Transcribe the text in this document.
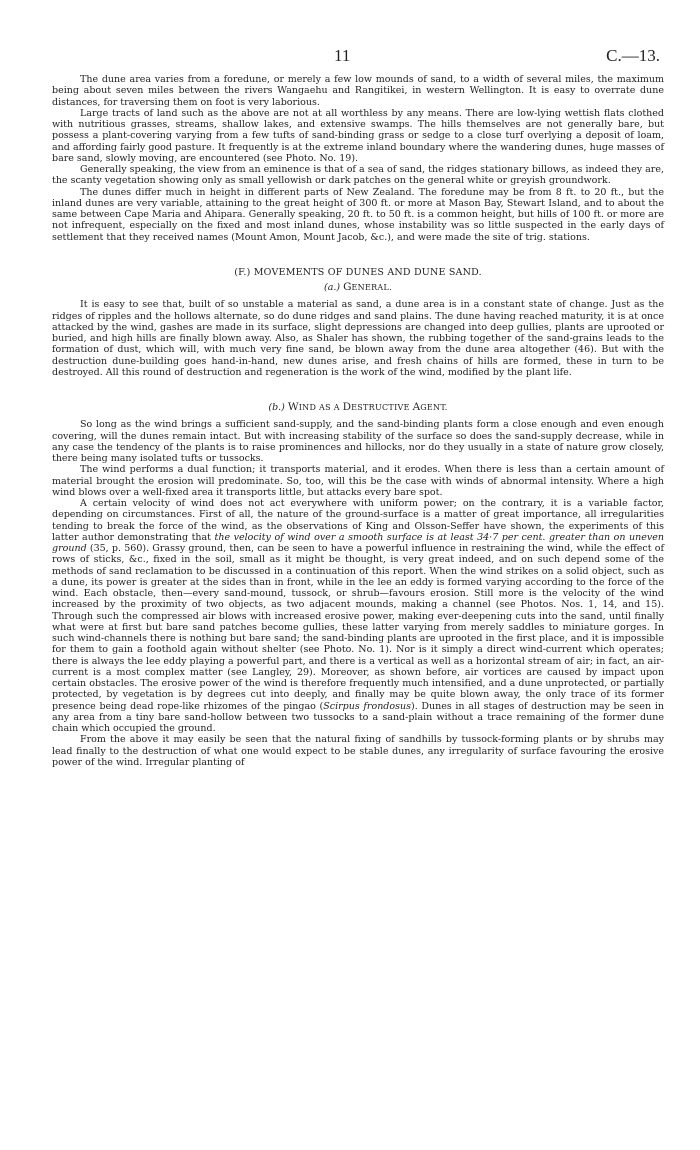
11	C.—13.

The dune area varies from a foredune, or merely a few low mounds of sand, to a width of several miles, the maximum being about seven miles between the rivers Wangaehu and Rangitikei, in western Wellington. It is easy to overrate dune distances, for traversing them on foot is very laborious.

Large tracts of land such as the above are not at all worthless by any means. There are low-lying wettish flats clothed with nutritious grasses, streams, shallow lakes, and extensive swamps. The hills themselves are not generally bare, but possess a plant-covering varying from a few tufts of sand-binding grass or sedge to a close turf overlying a deposit of loam, and affording fairly good pasture. It frequently is at the extreme inland boundary where the wandering dunes, huge masses of bare sand, slowly moving, are encountered (see Photo. No. 19).

Generally speaking, the view from an eminence is that of a sea of sand, the ridges stationary billows, as indeed they are, the scanty vegetation showing only as small yellowish or dark patches on the general white or greyish groundwork.

The dunes differ much in height in different parts of New Zealand. The foredune may be from 8 ft. to 20 ft., but the inland dunes are very variable, attaining to the great height of 300 ft. or more at Mason Bay, Stewart Island, and to about the same between Cape Maria and Ahipara. Generally speaking, 20 ft. to 50 ft. is a common height, but hills of 100 ft. or more are not infrequent, especially on the fixed and most inland dunes, whose instability was so little suspected in the early days of settlement that they received names (Mount Amon, Mount Jacob, &c.), and were made the site of trig. stations.

(F.) MOVEMENTS OF DUNES AND DUNE SAND.
(a.) GENERAL.

It is easy to see that, built of so unstable a material as sand, a dune area is in a constant state of change. Just as the ridges of ripples and the hollows alternate, so do dune ridges and sand plains. The dune having reached maturity, it is at once attacked by the wind, gashes are made in its surface, slight depressions are changed into deep gullies, plants are uprooted or buried, and high hills are finally blown away. Also, as Shaler has shown, the rubbing together of the sand-grains leads to the formation of dust, which will, with much very fine sand, be blown away from the dune area altogether (46). But with the destruction dune-building goes hand-in-hand, new dunes arise, and fresh chains of hills are formed, these in turn to be destroyed. All this round of destruction and regeneration is the work of the wind, modified by the plant life.

(b.) WIND AS A DESTRUCTIVE AGENT.

So long as the wind brings a sufficient sand-supply, and the sand-binding plants form a close enough and even enough covering, will the dunes remain intact. But with increasing stability of the surface so does the sand-supply decrease, while in any case the tendency of the plants is to raise prominences and hillocks, nor do they usually in a state of nature grow closely, there being many isolated tufts or tussocks.

The wind performs a dual function; it transports material, and it erodes. When there is less than a certain amount of material brought the erosion will predominate. So, too, will this be the case with winds of abnormal intensity. Where a high wind blows over a well-fixed area it transports little, but attacks every bare spot.

A certain velocity of wind does not act everywhere with uniform power; on the contrary, it is a variable factor, depending on circumstances. First of all, the nature of the ground-surface is a matter of great importance, all irregularities tending to break the force of the wind, as the observations of King and Olsson-Seffer have shown, the experiments of this latter author demonstrating that the velocity of wind over a smooth surface is at least 34·7 per cent. greater than on uneven ground (35, p. 560). Grassy ground, then, can be seen to have a powerful influence in restraining the wind, while the effect of rows of sticks, &c., fixed in the soil, small as it might be thought, is very great indeed, and on such depend some of the methods of sand reclamation to be discussed in a continuation of this report. When the wind strikes on a solid object, such as a dune, its power is greater at the sides than in front, while in the lee an eddy is formed varying according to the force of the wind. Each obstacle, then—every sand-mound, tussock, or shrub—favours erosion. Still more is the velocity of the wind increased by the proximity of two objects, as two adjacent mounds, making a channel (see Photos. Nos. 1, 14, and 15). Through such the compressed air blows with increased erosive power, making ever-deepening cuts into the sand, until finally what were at first but bare sand patches become gullies, these latter varying from merely saddles to miniature gorges. In such wind-channels there is nothing but bare sand; the sand-binding plants are uprooted in the first place, and it is impossible for them to gain a foothold again without shelter (see Photo. No. 1). Nor is it simply a direct wind-current which operates; there is always the lee eddy playing a powerful part, and there is a vertical as well as a horizontal stream of air; in fact, an air-current is a most complex matter (see Langley, 29). Moreover, as shown before, air vortices are caused by impact upon certain obstacles. The erosive power of the wind is therefore frequently much intensified, and a dune unprotected, or partially protected, by vegetation is by degrees cut into deeply, and finally may be quite blown away, the only trace of its former presence being dead rope-like rhizomes of the pingao (Scirpus frondosus). Dunes in all stages of destruction may be seen in any area from a tiny bare sand-hollow between two tussocks to a sand-plain without a trace remaining of the former dune chain which occupied the ground.

From the above it may easily be seen that the natural fixing of sandhills by tussock-forming plants or by shrubs may lead finally to the destruction of what one would expect to be stable dunes, any irregularity of surface favouring the erosive power of the wind. Irregular planting of
